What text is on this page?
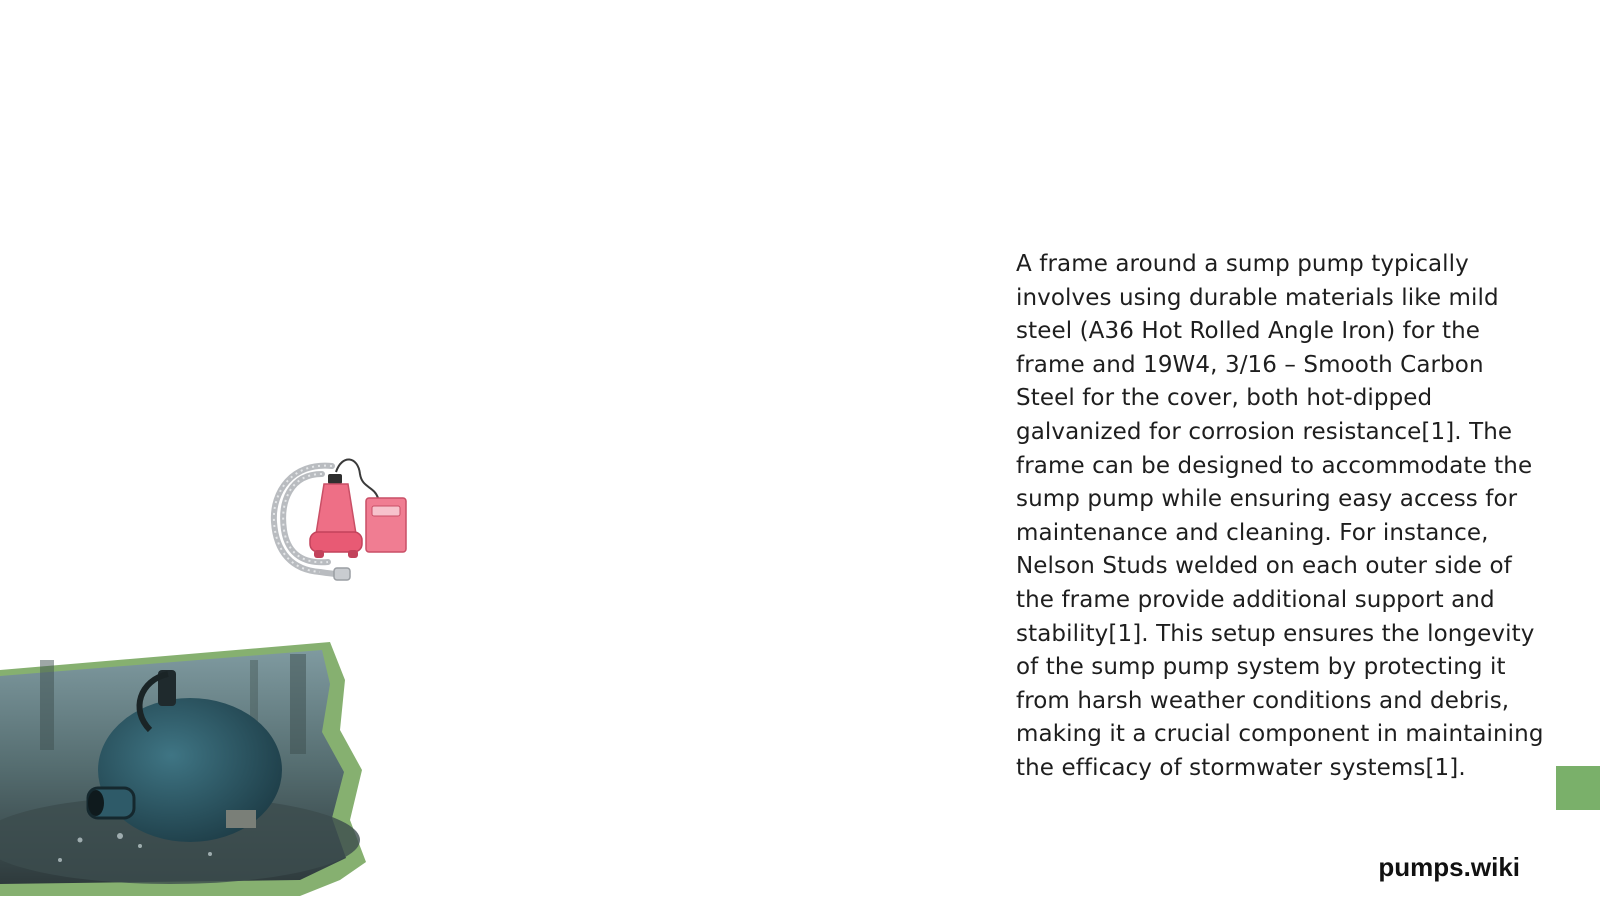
A frame around a sump pump typically involves using durable materials like mild steel (A36 Hot Rolled Angle Iron) for the frame and 19W4, 3/16 – Smooth Carbon Steel for the cover, both hot-dipped galvanized for corrosion resistance[1]. The frame can be designed to accommodate the sump pump while ensuring easy access for maintenance and cleaning. For instance, Nelson Studs welded on each outer side of the frame provide additional support and stability[1]. This setup ensures the longevity of the sump pump system by protecting it from harsh weather conditions and debris, making it a crucial component in maintaining the efficacy of stormwater systems[1].

pumps.wiki
